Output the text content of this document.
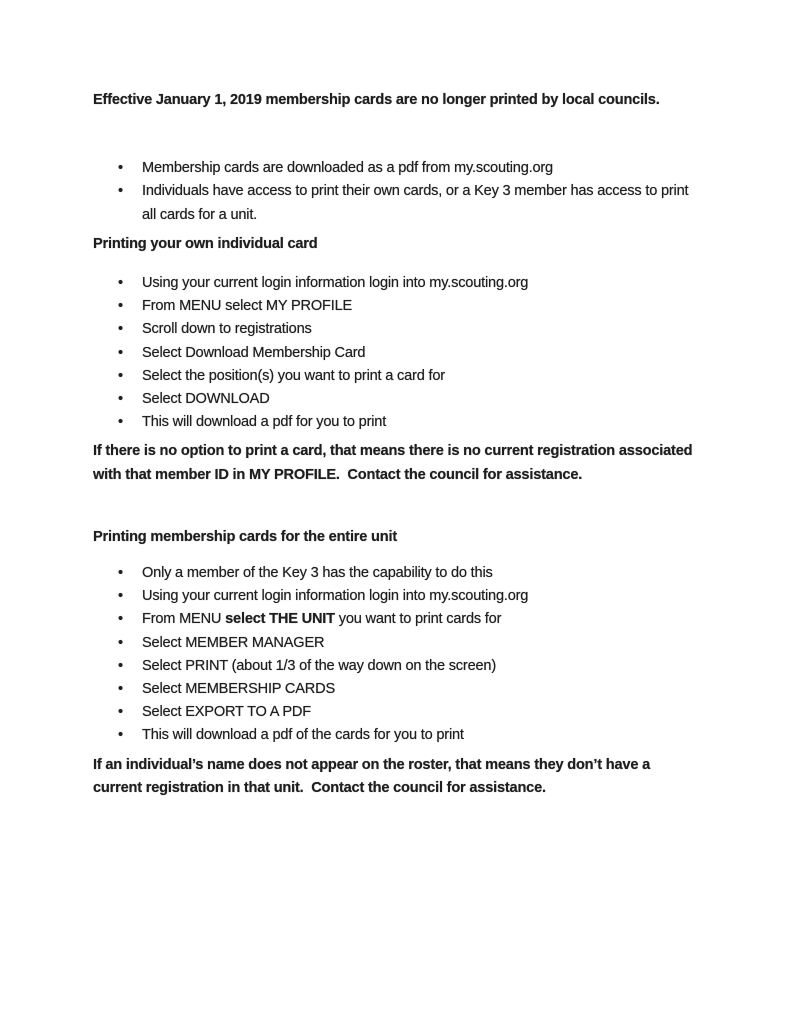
Effective January 1, 2019 membership cards are no longer printed by local councils.

• Membership cards are downloaded as a pdf from my.scouting.org
• Individuals have access to print their own cards, or a Key 3 member has access to print all cards for a unit.

Printing your own individual card

• Using your current login information login into my.scouting.org
• From MENU select MY PROFILE
• Scroll down to registrations
• Select Download Membership Card
• Select the position(s) you want to print a card for
• Select DOWNLOAD
• This will download a pdf for you to print

If there is no option to print a card, that means there is no current registration associated with that member ID in MY PROFILE.  Contact the council for assistance.

Printing membership cards for the entire unit

• Only a member of the Key 3 has the capability to do this
• Using your current login information login into my.scouting.org
• From MENU select THE UNIT you want to print cards for
• Select MEMBER MANAGER
• Select PRINT (about 1/3 of the way down on the screen)
• Select MEMBERSHIP CARDS
• Select EXPORT TO A PDF
• This will download a pdf of the cards for you to print

If an individual’s name does not appear on the roster, that means they don’t have a current registration in that unit.  Contact the council for assistance.
